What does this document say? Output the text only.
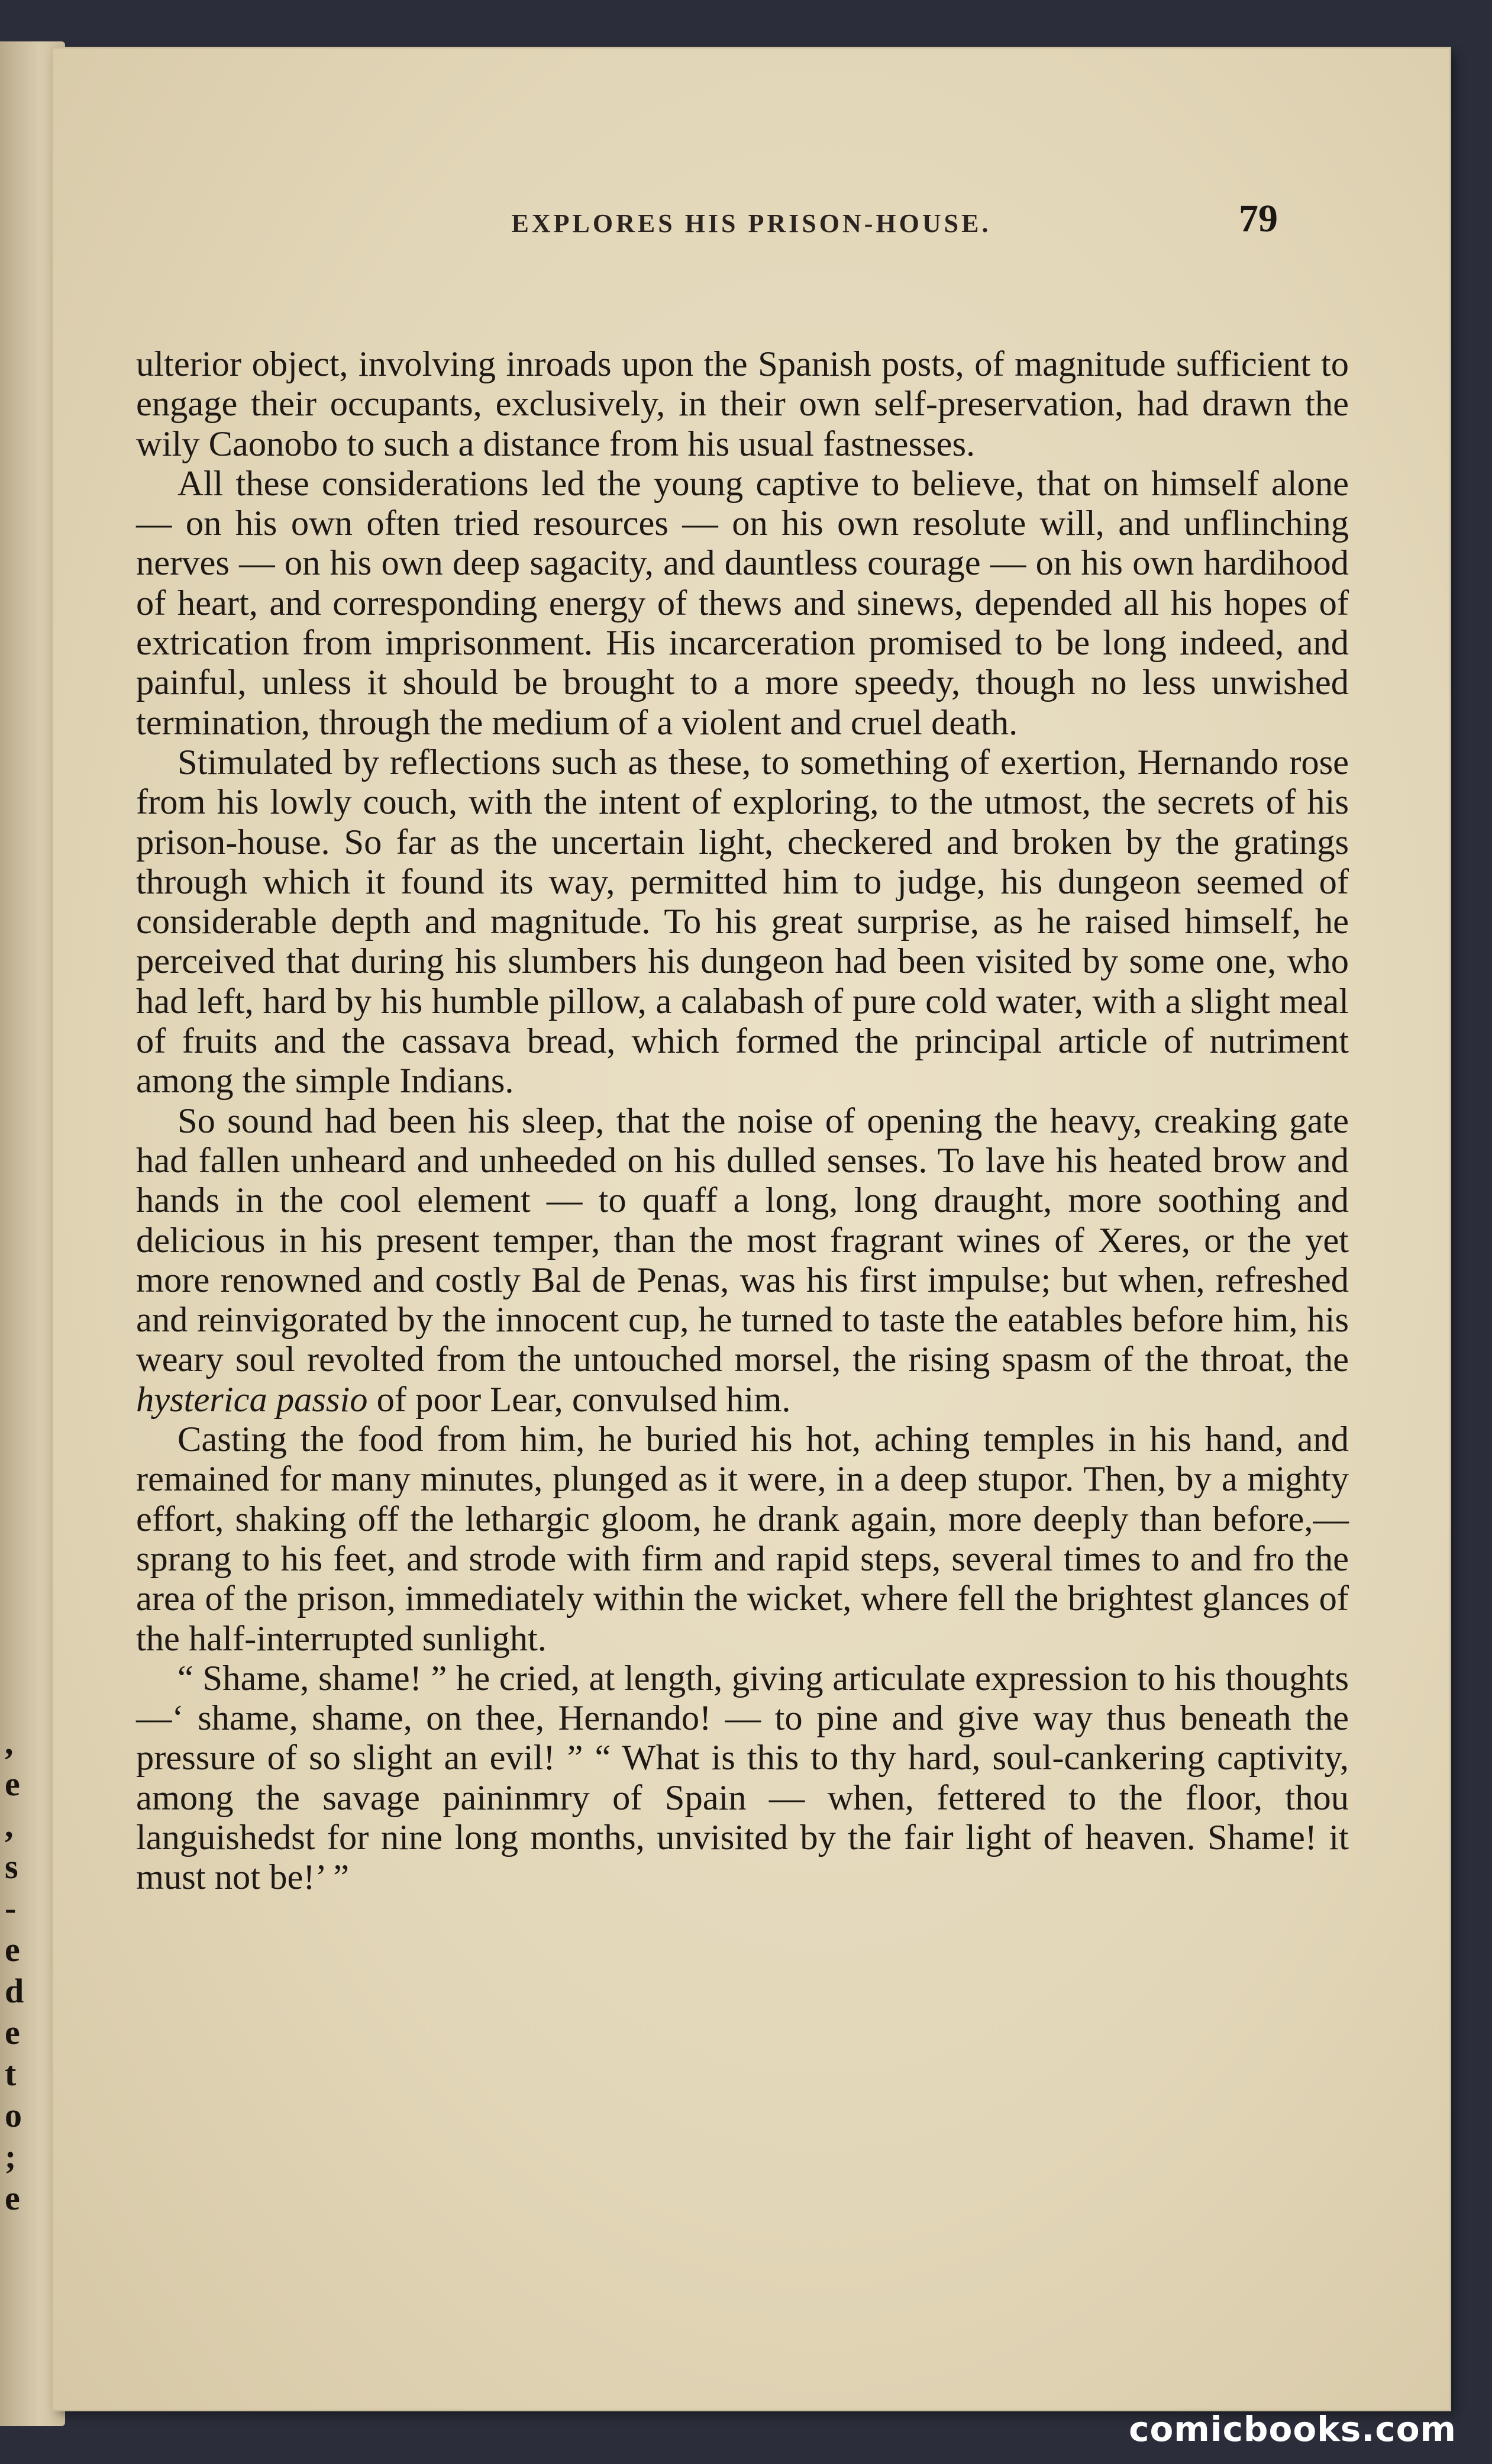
,
e
,
s
-
e
d
e
t
o
;
e
EXPLORES HIS PRISON-HOUSE.	79

ulterior object, involving inroads upon the Spanish posts, of magnitude sufficient to engage their occupants, exclusively, in their own self-preservation, had drawn the wily Caonobo to such a distance from his usual fastnesses.

All these considerations led the young captive to believe, that on himself alone — on his own often tried resources — on his own resolute will, and unflinching nerves — on his own deep sagacity, and dauntless courage — on his own hardihood of heart, and corresponding energy of thews and sinews, depended all his hopes of extrication from imprisonment. His incarceration promised to be long indeed, and painful, unless it should be brought to a more speedy, though no less unwished termination, through the medium of a violent and cruel death.

Stimulated by reflections such as these, to something of exertion, Hernando rose from his lowly couch, with the intent of exploring, to the utmost, the secrets of his prison-house. So far as the uncertain light, checkered and broken by the gratings through which it found its way, permitted him to judge, his dungeon seemed of considerable depth and magnitude. To his great surprise, as he raised himself, he perceived that during his slumbers his dungeon had been visited by some one, who had left, hard by his humble pillow, a calabash of pure cold water, with a slight meal of fruits and the cassava bread, which formed the principal article of nutriment among the simple Indians.

So sound had been his sleep, that the noise of opening the heavy, creaking gate had fallen unheard and unheeded on his dulled senses. To lave his heated brow and hands in the cool element — to quaff a long, long draught, more soothing and delicious in his present temper, than the most fragrant wines of Xeres, or the yet more renowned and costly Bal de Penas, was his first impulse; but when, refreshed and reinvigorated by the innocent cup, he turned to taste the eatables before him, his weary soul revolted from the untouched morsel, the rising spasm of the throat, the hysterica passio of poor Lear, convulsed him.

Casting the food from him, he buried his hot, aching temples in his hand, and remained for many minutes, plunged as it were, in a deep stupor. Then, by a mighty effort, shaking off the lethargic gloom, he drank again, more deeply than before,— sprang to his feet, and strode with firm and rapid steps, several times to and fro the area of the prison, immediately within the wicket, where fell the brightest glances of the half-interrupted sunlight.

“ Shame, shame! ” he cried, at length, giving articulate expression to his thoughts —‘ shame, shame, on thee, Hernando! — to pine and give way thus beneath the pressure of so slight an evil! ” “ What is this to thy hard, soul-cankering captivity, among the savage paininmry of Spain — when, fettered to the floor, thou languishedst for nine long months, unvisited by the fair light of heaven. Shame! it must not be!’ ”

comicbooks.com
